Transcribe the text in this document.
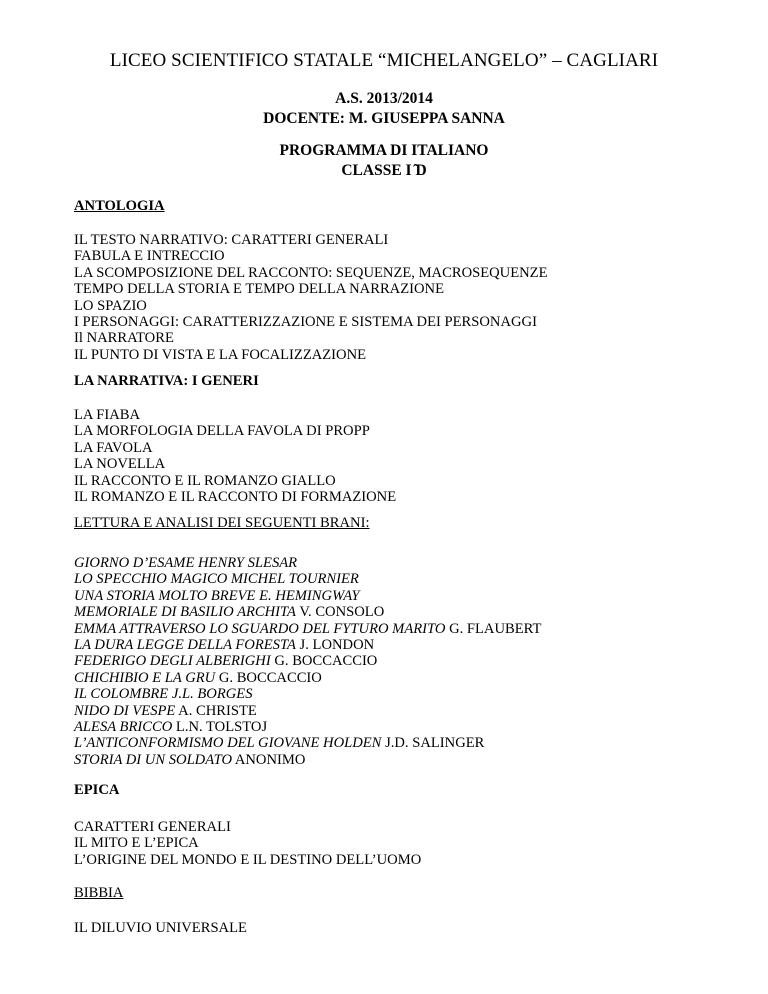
LICEO SCIENTIFICO STATALE “MICHELANGELO” – CAGLIARI
A.S. 2013/2014
DOCENTE: M. GIUSEPPA SANNA
PROGRAMMA DI ITALIANO
CLASSE I ̂D
ANTOLOGIA
IL TESTO NARRATIVO: CARATTERI GENERALI
FABULA E INTRECCIO
LA SCOMPOSIZIONE DEL RACCONTO: SEQUENZE, MACROSEQUENZE
TEMPO DELLA STORIA E TEMPO DELLA NARRAZIONE
LO SPAZIO
I PERSONAGGI: CARATTERIZZAZIONE E SISTEMA DEI PERSONAGGI
Il NARRATORE
IL PUNTO DI VISTA E LA FOCALIZZAZIONE
LA NARRATIVA: I GENERI
LA FIABA
LA MORFOLOGIA DELLA FAVOLA DI PROPP
LA FAVOLA
LA NOVELLA
IL RACCONTO E IL ROMANZO GIALLO
IL ROMANZO E IL RACCONTO DI FORMAZIONE
LETTURA E ANALISI DEI SEGUENTI BRANI:
GIORNO D’ESAME HENRY SLESAR
LO SPECCHIO MAGICO MICHEL TOURNIER
UNA STORIA MOLTO BREVE E. HEMINGWAY
MEMORIALE DI BASILIO ARCHITA V. CONSOLO
EMMA ATTRAVERSO LO SGUARDO DEL FYTURO MARITO G. FLAUBERT
LA DURA LEGGE DELLA FORESTA J. LONDON
FEDERIGO DEGLI ALBERIGHI G. BOCCACCIO
CHICHIBIO E LA GRU G. BOCCACCIO
IL COLOMBRE J.L. BORGES
NIDO DI VESPE A. CHRISTE
ALESA BRICCO L.N. TOLSTOJ
L’ANTICONFORMISMO DEL GIOVANE HOLDEN J.D. SALINGER
STORIA DI UN SOLDATO ANONIMO
EPICA
CARATTERI GENERALI
IL MITO E L’EPICA
L’ORIGINE DEL MONDO E IL DESTINO DELL’UOMO
BIBBIA
IL DILUVIO UNIVERSALE
